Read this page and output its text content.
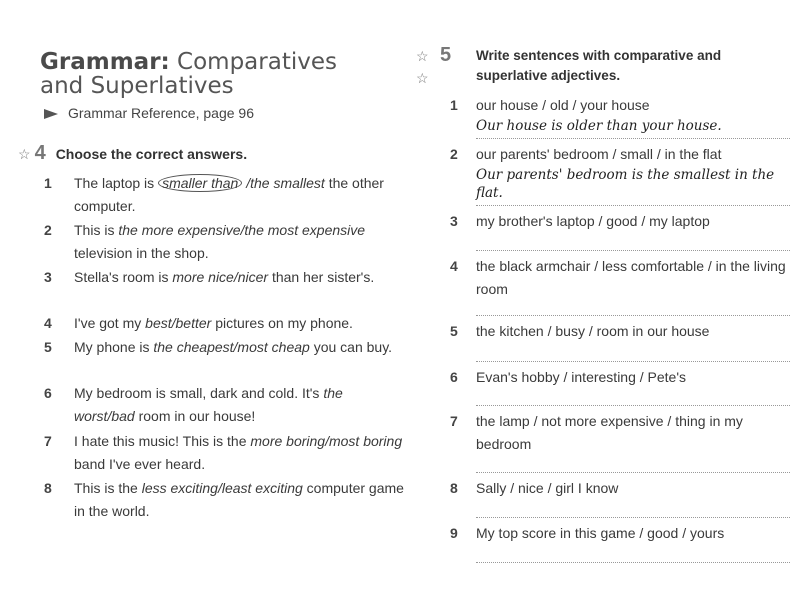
Grammar: Comparatives
and Superlatives
Grammar Reference, page 96
☆ 4 Choose the correct answers.
1 The laptop is smaller than /the smallest the other computer.
2 This is the more expensive/the most expensive television in the shop.
3 Stella's room is more nice/nicer than her sister's.
4 I've got my best/better pictures on my phone.
5 My phone is the cheapest/most cheap you can buy.
6 My bedroom is small, dark and cold. It's the worst/bad room in our house!
7 I hate this music! This is the more boring/most boring band I've ever heard.
8 This is the less exciting/least exciting computer game in the world.
☆
☆
5 Write sentences with comparative and superlative adjectives.
1 our house / old / your house
Our house is older than your house.
2 our parents' bedroom / small / in the flat
Our parents' bedroom is the smallest in the flat.
3 my brother's laptop / good / my laptop
4 the black armchair / less comfortable / in the living room
5 the kitchen / busy / room in our house
6 Evan's hobby / interesting / Pete's
7 the lamp / not more expensive / thing in my bedroom
8 Sally / nice / girl I know
9 My top score in this game / good / yours
